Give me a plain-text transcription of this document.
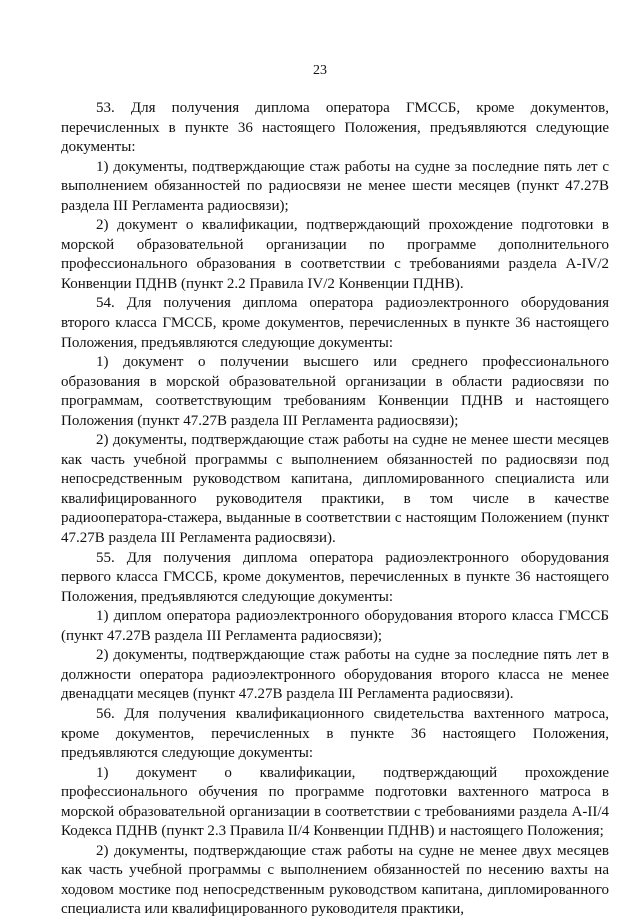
23

53. Для получения диплома оператора ГМССБ, кроме документов, перечисленных в пункте 36 настоящего Положения, предъявляются следующие документы:

1) документы, подтверждающие стаж работы на судне за последние пять лет с выполнением обязанностей по радиосвязи не менее шести месяцев (пункт 47.27В раздела III Регламента радиосвязи);

2) документ о квалификации, подтверждающий прохождение подготовки в морской образовательной организации по программе дополнительного профессионального образования в соответствии с требованиями раздела A-IV/2 Конвенции ПДНВ (пункт 2.2 Правила IV/2 Конвенции ПДНВ).

54. Для получения диплома оператора радиоэлектронного оборудования второго класса ГМССБ, кроме документов, перечисленных в пункте 36 настоящего Положения, предъявляются следующие документы:

1) документ о получении высшего или среднего профессионального образования в морской образовательной организации в области радиосвязи по программам, соответствующим требованиям Конвенции ПДНВ и настоящего Положения (пункт 47.27В раздела III Регламента радиосвязи);

2) документы, подтверждающие стаж работы на судне не менее шести месяцев как часть учебной программы с выполнением обязанностей по радиосвязи под непосредственным руководством капитана, дипломированного специалиста или квалифицированного руководителя практики, в том числе в качестве радиооператора-стажера, выданные в соответствии с настоящим Положением (пункт 47.27В раздела III Регламента радиосвязи).

55. Для получения диплома оператора радиоэлектронного оборудования первого класса ГМССБ, кроме документов, перечисленных в пункте 36 настоящего Положения, предъявляются следующие документы:

1) диплом оператора радиоэлектронного оборудования второго класса ГМССБ (пункт 47.27В раздела III Регламента радиосвязи);

2) документы, подтверждающие стаж работы на судне за последние пять лет в должности оператора радиоэлектронного оборудования второго класса не менее двенадцати месяцев (пункт 47.27В раздела III Регламента радиосвязи).

56. Для получения квалификационного свидетельства вахтенного матроса, кроме документов, перечисленных в пункте 36 настоящего Положения, предъявляются следующие документы:

1) документ о квалификации, подтверждающий прохождение профессионального обучения по программе подготовки вахтенного матроса в морской образовательной организации в соответствии с требованиями раздела A-II/4 Кодекса ПДНВ (пункт 2.3 Правила II/4 Конвенции ПДНВ) и настоящего Положения;

2) документы, подтверждающие стаж работы на судне не менее двух месяцев как часть учебной программы с выполнением обязанностей по несению вахты на ходовом мостике под непосредственным руководством капитана, дипломированного специалиста или квалифицированного руководителя практики,
